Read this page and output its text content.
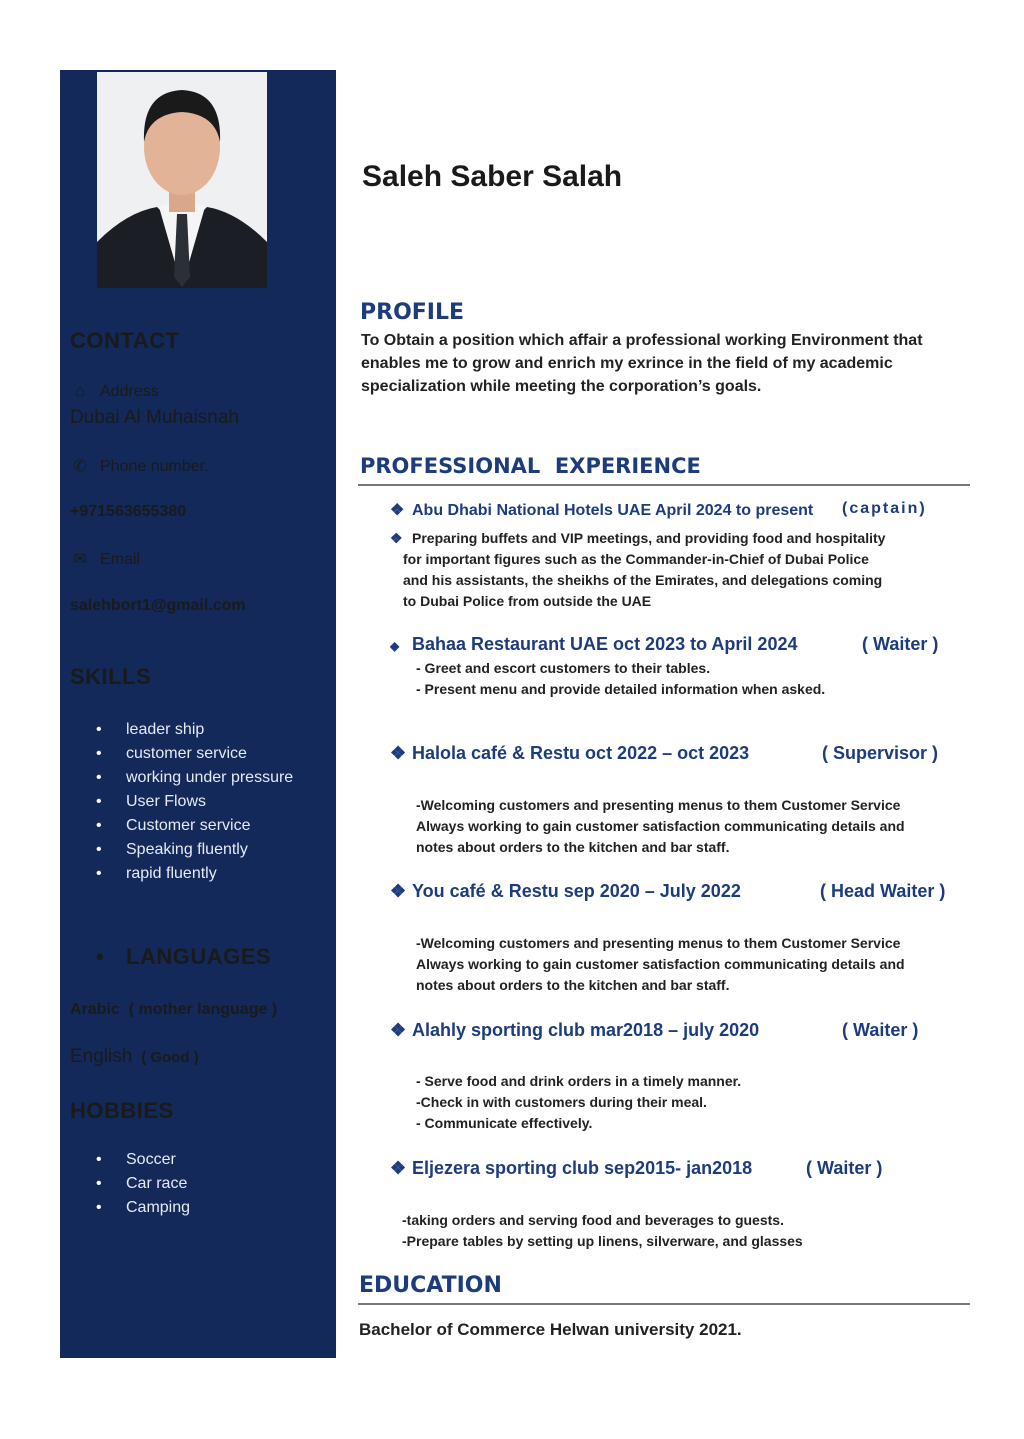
CONTACT
⌂ Address
Dubai Al Muhaisnah
✆ Phone number.
+971563655380
✉ Email
salehbort1@gmail.com
SKILLS
• leader ship
• customer service
• working under pressure
• User Flows
• Customer service
• Speaking fluently
• rapid fluently
• LANGUAGES
Arabic ( mother language )
English ( Good )
HOBBIES
• Soccer
• Car race
• Camping
Saleh Saber Salah
PROFILE
To Obtain a position which affair a professional working Environment that
enables me to grow and enrich my exrince in the field of my academic
specialization while meeting the corporation’s goals.
PROFESSIONAL  EXPERIENCE
❖ Abu Dhabi National Hotels UAE April 2024 to present (captain)
❖ Preparing buffets and VIP meetings, and providing food and hospitality
for important figures such as the Commander-in-Chief of Dubai Police
and his assistants, the sheikhs of the Emirates, and delegations coming
to Dubai Police from outside the UAE
◆ Bahaa Restaurant UAE oct 2023 to April 2024	( Waiter )
- Greet and escort customers to their tables.
- Present menu and provide detailed information when asked.
❖ Halola café & Restu oct 2022 – oct 2023	( Supervisor )
-Welcoming customers and presenting menus to them Customer Service
Always working to gain customer satisfaction communicating details and
notes about orders to the kitchen and bar staff.
❖ You café & Restu sep 2020 – July 2022	( Head Waiter )
-Welcoming customers and presenting menus to them Customer Service
Always working to gain customer satisfaction communicating details and
notes about orders to the kitchen and bar staff.
❖ Alahly sporting club mar2018 – july 2020	( Waiter )
- Serve food and drink orders in a timely manner.
-Check in with customers during their meal.
- Communicate effectively.
❖ Eljezera sporting club sep2015- jan2018	( Waiter )
-taking orders and serving food and beverages to guests.
-Prepare tables by setting up linens, silverware, and glasses
EDUCATION
Bachelor of Commerce Helwan university 2021.
